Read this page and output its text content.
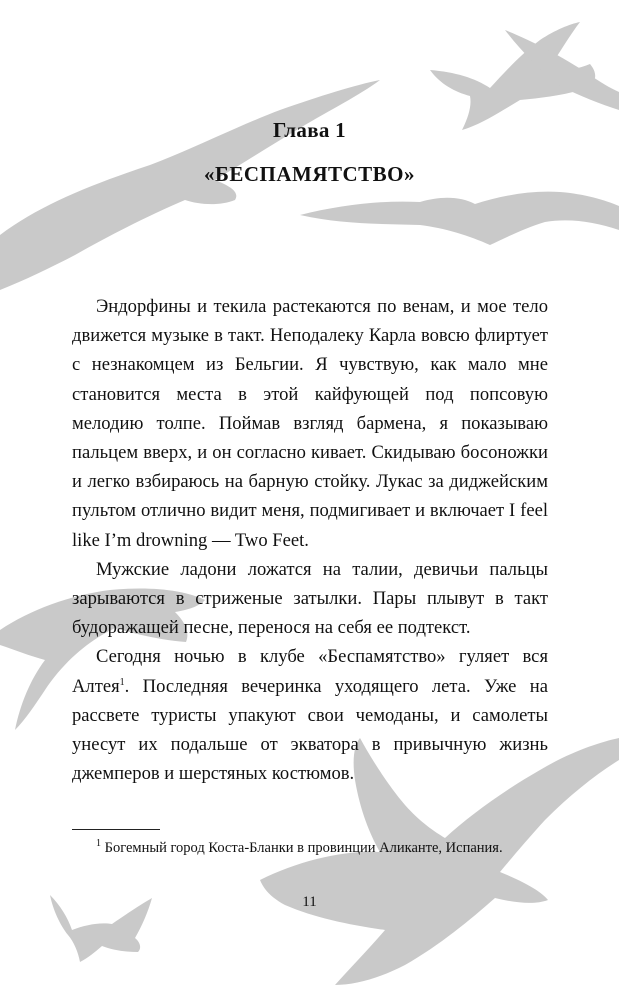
Глава 1
«БЕСПАМЯТСТВО»

Эндорфины и текила растекаются по венам, и мое тело движется музыке в такт. Неподалеку Карла вовсю флиртует с незнакомцем из Бельгии. Я чувствую, как мало мне становится места в этой кайфующей под попсовую мелодию толпе. Поймав взгляд бармена, я показываю пальцем вверх, и он согласно кивает. Скидываю босоножки и легко взбираюсь на барную стойку. Лукас за диджейским пультом отлично видит меня, подмигивает и включает I feel like I’m drowning — Two Feet.

Мужские ладони ложатся на талии, девичьи пальцы зарываются в стриженые затылки. Пары плывут в такт будоражащей песне, перенося на себя ее подтекст.

Сегодня ночью в клубе «Беспамятство» гуляет вся Алтея$^1$. Последняя вечеринка уходящего лета. Уже на рассвете туристы упакуют свои чемоданы, и самолеты унесут их подальше от экватора в привычную жизнь джемперов и шерстяных костюмов.

$^1$ Богемный город Коста-Бланки в провинции Аликанте, Испания.
11
